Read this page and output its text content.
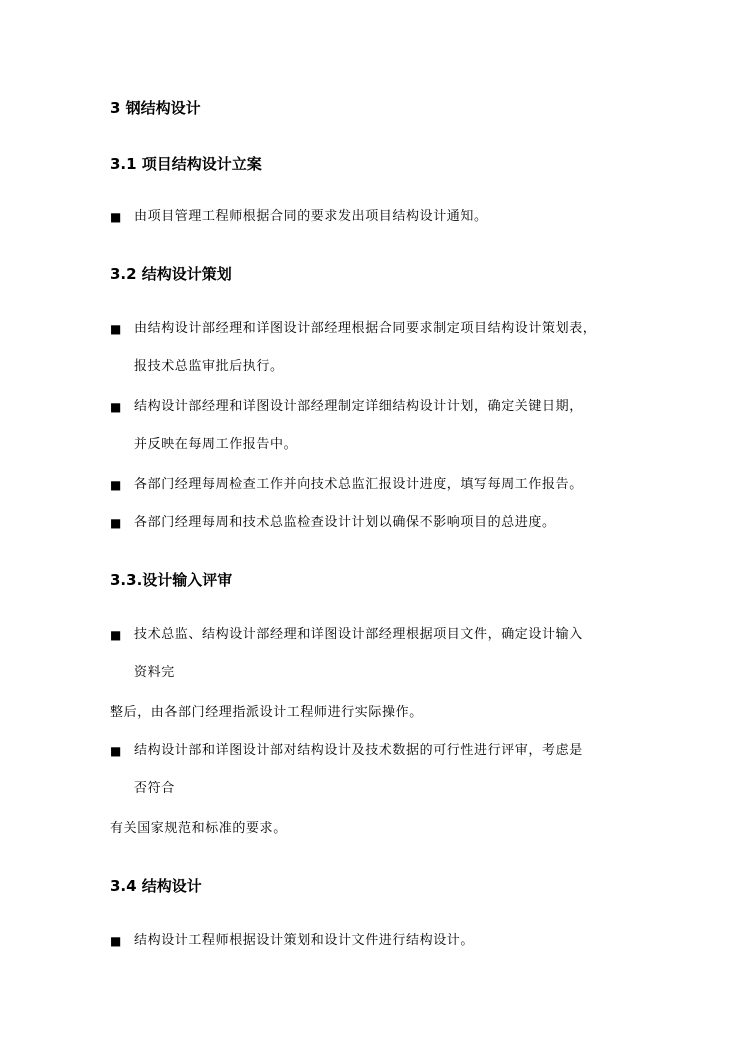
3 钢结构设计
3.1 项目结构设计立案
■ 由项目管理工程师根据合同的要求发出项目结构设计通知。
3.2 结构设计策划
■ 由结构设计部经理和详图设计部经理根据合同要求制定项目结构设计策划表，
报技术总监审批后执行。
■ 结构设计部经理和详图设计部经理制定详细结构设计计划，确定关键日期，
并反映在每周工作报告中。
■ 各部门经理每周检查工作并向技术总监汇报设计进度，填写每周工作报告。
■ 各部门经理每周和技术总监检查设计计划以确保不影响项目的总进度。
3.3.设计输入评审
■ 技术总监、结构设计部经理和详图设计部经理根据项目文件，确定设计输入
资料完
整后，由各部门经理指派设计工程师进行实际操作。
■ 结构设计部和详图设计部对结构设计及技术数据的可行性进行评审，考虑是
否符合
有关国家规范和标准的要求。
3.4 结构设计
■ 结构设计工程师根据设计策划和设计文件进行结构设计。
